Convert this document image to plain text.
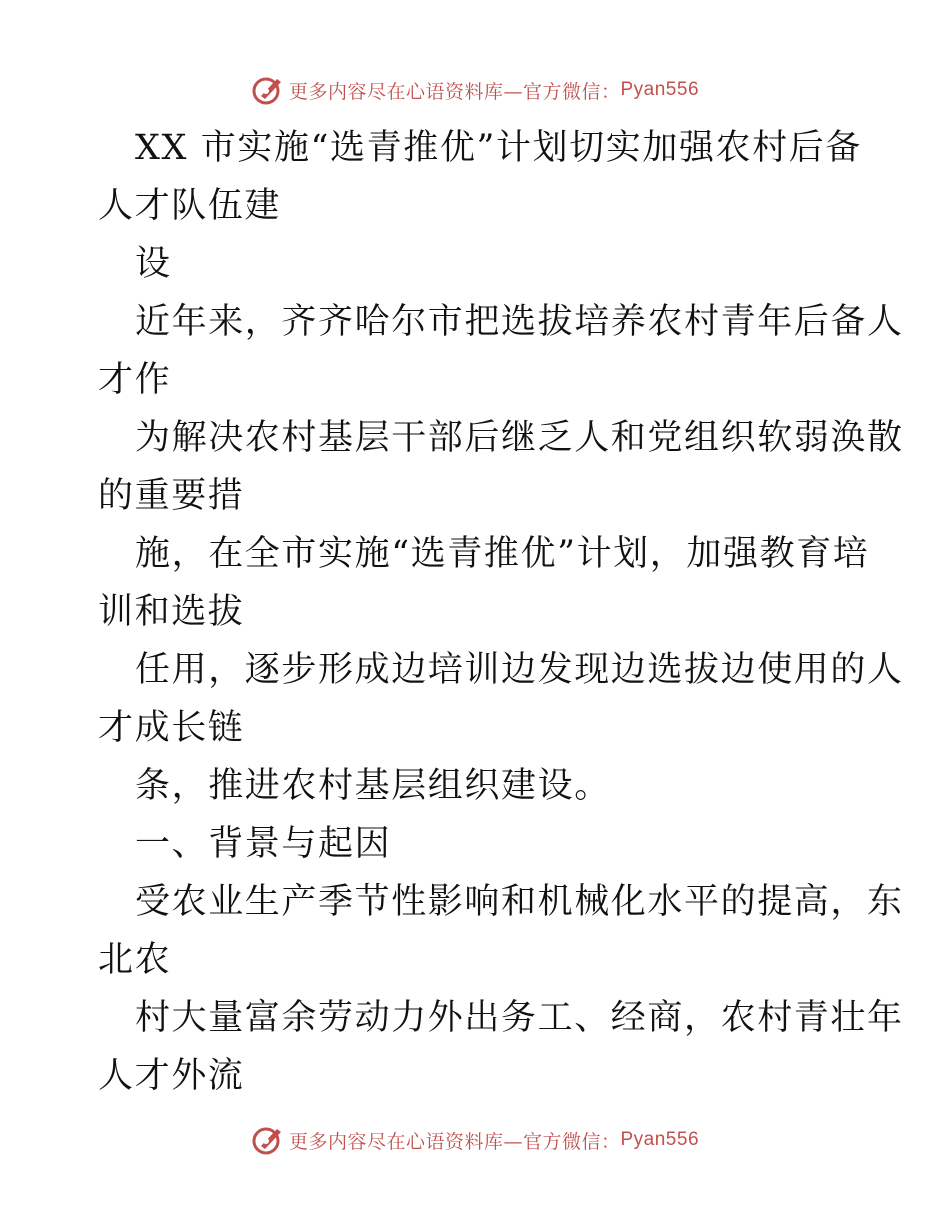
更多内容尽在心语资料库—官方微信： Pyan556
XX 市实施“选青推优”计划切实加强农村后备
人才队伍建
设
近年来，齐齐哈尔市把选拔培养农村青年后备人
才作
为解决农村基层干部后继乏人和党组织软弱涣散
的重要措
施，在全市实施“选青推优”计划，加强教育培
训和选拔
任用，逐步形成边培训边发现边选拔边使用的人
才成长链
条，推进农村基层组织建设。
一、背景与起因
受农业生产季节性影响和机械化水平的提高，东
北农
村大量富余劳动力外出务工、经商，农村青壮年
人才外流
更多内容尽在心语资料库—官方微信： Pyan556
